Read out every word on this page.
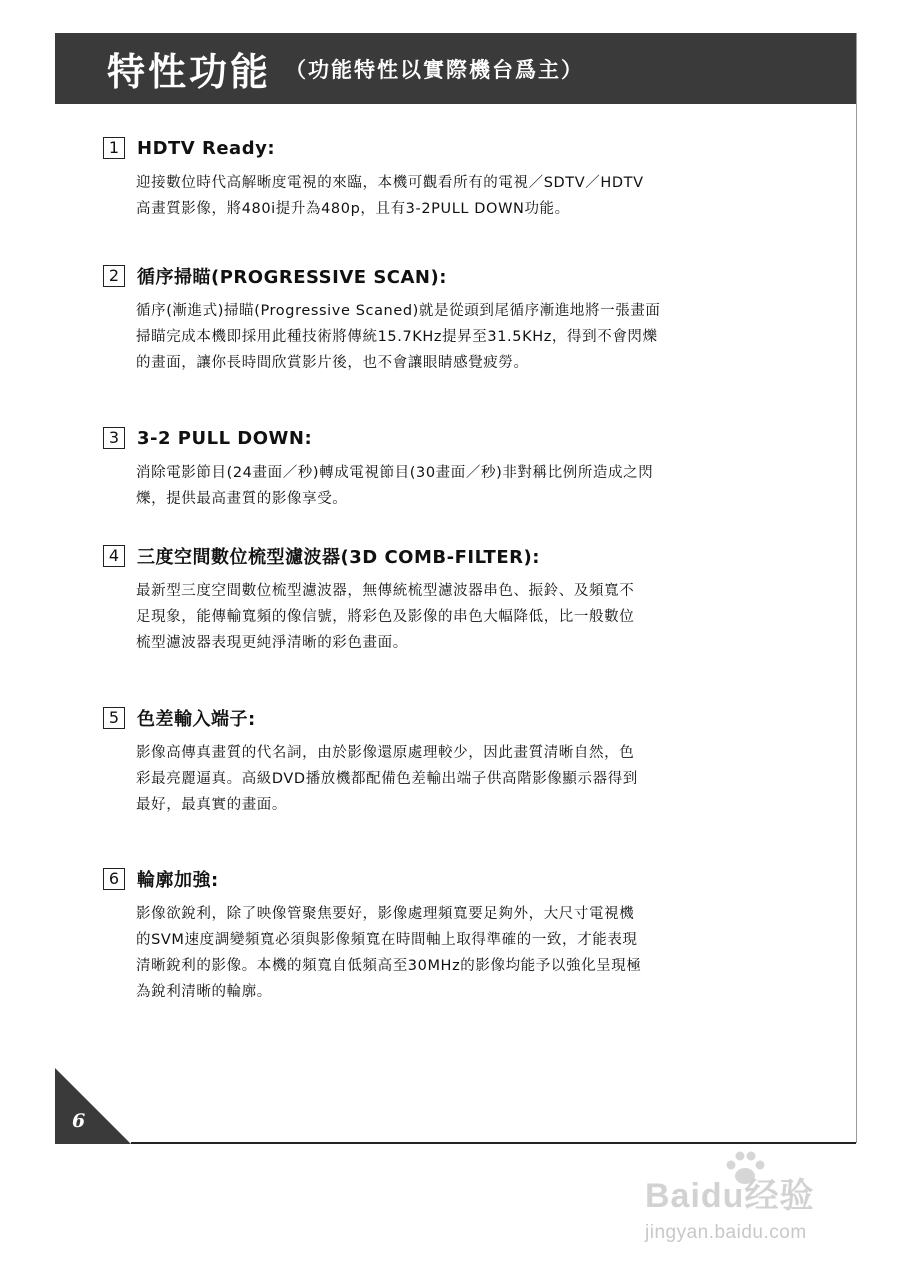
特性功能 （功能特性以實際機台爲主）
1 HDTV Ready:
迎接數位時代高解晰度電視的來臨，本機可觀看所有的電視／SDTV／HDTV
高畫質影像，將480i提升為480p，且有3-2PULL DOWN功能。
2 循序掃瞄(PROGRESSIVE SCAN):
循序(漸進式)掃瞄(Progressive Scaned)就是從頭到尾循序漸進地將一張畫面
掃瞄完成本機即採用此種技術將傳統15.7KHz提昇至31.5KHz，得到不會閃爍
的畫面，讓你長時間欣賞影片後，也不會讓眼睛感覺疲勞。
3 3-2 PULL DOWN:
消除電影節目(24畫面／秒)轉成電視節目(30畫面／秒)非對稱比例所造成之閃
爍，提供最高畫質的影像享受。
4 三度空間數位梳型濾波器(3D COMB-FILTER):
最新型三度空間數位梳型濾波器，無傳統梳型濾波器串色、振鈴、及頻寬不
足現象，能傳輸寬頻的像信號，將彩色及影像的串色大幅降低，比一般數位
梳型濾波器表現更純淨清晰的彩色畫面。
5 色差輸入端子:
影像高傳真畫質的代名詞，由於影像還原處理較少，因此畫質清晰自然，色
彩最亮麗逼真。高級DVD播放機都配備色差輸出端子供高階影像顯示器得到
最好，最真實的畫面。
6 輪廓加強:
影像欲銳利，除了映像管聚焦要好，影像處理頻寬要足夠外，大尺寸電視機
的SVM速度調變頻寬必須與影像頻寬在時間軸上取得準確的一致，才能表現
清晰銳利的影像。本機的頻寬自低頻高至30MHz的影像均能予以強化呈現極
為銳利清晰的輪廓。
6
Baidu经验
jingyan.baidu.com
